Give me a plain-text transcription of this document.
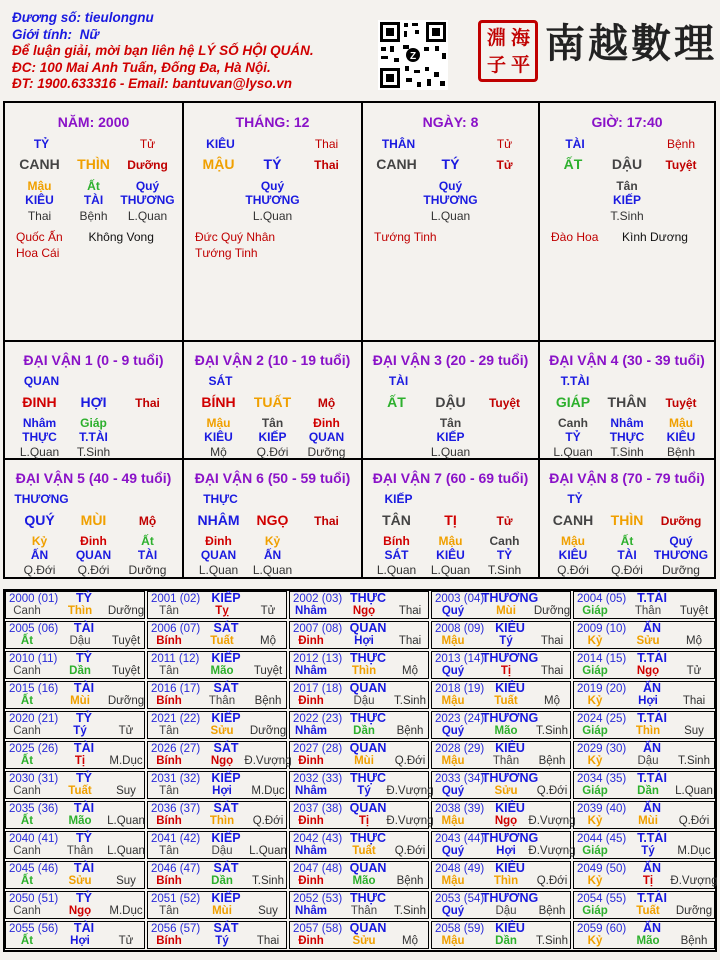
Đương số: tieulongnu
Giới tính: Nữ
Để luận giải, mời bạn liên hệ LÝ SỐ HỘI QUÁN.
ĐC: 100 Mai Anh Tuấn, Đống Đa, Hà Nội.
ĐT: 1900.633316 - Email: bantuvan@lyso.vn
Z
淵 海
子 平 南越數理
NĂM: 2000
TỶ	Tử
CANH THÌN Dưỡng
Mậu
KIÊU
Thai
Ất
TÀI
Bệnh
Quý
THƯƠNG
L.Quan
Quốc Ấn
Hoa Cái
Không Vong
THÁNG: 12
KIÊU	Thai
MẬU TÝ	Thai
Quý
THƯƠNG
L.Quan
Đức Quý Nhân
Tướng Tinh
NGÀY: 8
THÂN	Tử
CANH TÝ	Tử
Quý
THƯƠNG
L.Quan
Tướng Tinh
GIỜ: 17:40
TÀI	Bệnh
ẤT DẬU Tuyệt
Tân
KIẾP
T.Sinh
Đào Hoa Kình Dương
ĐẠI VẬN 1 (0 - 9 tuổi)
QUAN
ĐINH HỢI Thai
Nhâm
THỰC
L.Quan
Giáp
T.TÀI
T.Sinh
ĐẠI VẬN 2 (10 - 19 tuổi)
SÁT
BÍNH TUẤT Mộ
Mậu
KIÊU
Mộ
Tân
KIẾP
Q.Đới
Đinh
QUAN
Dưỡng
ĐẠI VẬN 3 (20 - 29 tuổi)
TÀI
ẤT DẬU Tuyệt
Tân
KIẾP
L.Quan
ĐẠI VẬN 4 (30 - 39 tuổi)
T.TÀI
GIÁP THÂN Tuyệt
Canh
TỶ
L.Quan
Nhâm
THỰC
T.Sinh
Mậu
KIÊU
Bệnh
ĐẠI VẬN 5 (40 - 49 tuổi)
THƯƠNG
QUÝ MÙI	Mộ
Kỷ
ẤN
Q.Đới
Đinh
QUAN
Q.Đới
Ất
TÀI
Dưỡng
ĐẠI VẬN 6 (50 - 59 tuổi)
THỰC
NHÂM NGỌ Thai
Đinh
QUAN
L.Quan
Kỷ
ẤN
L.Quan
ĐẠI VẬN 7 (60 - 69 tuổi)
KIẾP
TÂN TỊ	Tử
Bính
SÁT
L.Quan
Mậu
KIÊU
L.Quan
Canh
TỶ
T.Sinh
ĐẠI VẬN 8 (70 - 79 tuổi)
TỶ
CANH THÌN Dưỡng
Mậu
KIÊU
Q.Đới
Ất
TÀI
Q.Đới
Quý
THƯƠNG
Dưỡng
2000 (01) TỶ
Canh Thìn Dưỡng
2001 (02) KIẾP
Tân	Tỵ	Tử
2002 (03) THỰC
Nhâm Ngọ Thai
2003 (04)
THƯƠNG
Quý	Mùi Dưỡng
2004 (05) T.TÀI
Giáp Thân Tuyệt
2005 (06) TÀI
Ất	Dậu Tuyệt
2006 (07) SÁT
Bính Tuất Mộ
2007 (08) QUAN
Đinh	Hợi Thai
2008 (09) KIÊU
Mậu	Tý Thai
2009 (10) ẤN
Kỷ	Sửu Mộ
2010 (11) TỶ
Canh Dần Tuyệt
2011 (12) KIẾP
Tân	Mão Tuyệt
2012 (13) THỰC
Nhâm Thìn Mộ
2013 (14)
THƯƠNG
Quý	Tị	Thai
2014 (15) T.TÀI
Giáp	Ngọ Tử
2015 (16) TÀI
Ất	Mùi Dưỡng
2016 (17) SÁT
Bính Thân Bệnh
2017 (18) QUAN
Đinh	Dậu T.Sinh
2018 (19) KIÊU
Mậu	Tuất Mộ
2019 (20) ẤN
Kỷ	Hợi Thai
2020 (21) TỶ
Canh	Tý	Tử
2021 (22) KIẾP
Tân	Sửu Dưỡng
2022 (23) THỰC
Nhâm Dần Bệnh
2023 (24)
THƯƠNG
Quý	Mão T.Sinh
2024 (25) T.TÀI
Giáp Thìn Suy
2025 (26) TÀI
Ất	Tị M.Dục
2026 (27) SÁT
Bính	Ngọ Đ.Vượng
2027 (28) QUAN
Đinh	Mùi Q.Đới
2028 (29) KIÊU
Mậu Thân Bệnh
2029 (30) ẤN
Kỷ	Dậu T.Sinh
2030 (31) TỶ
Canh Tuất Suy
2031 (32) KIẾP
Tân	Hợi M.Dục
2032 (33) THỰC
Nhâm	Tý Đ.Vượng
2033 (34)
THƯƠNG
Quý	Sửu Q.Đới
2034 (35) T.TÀI
Giáp	Dần L.Quan
2035 (36) TÀI
Ất	Mão L.Quan
2036 (37) SÁT
Bính Thìn Q.Đới
2037 (38) QUAN
Đinh	Tị Đ.Vượng
2038 (39) KIÊU
Mậu	Ngọ Đ.Vượng
2039 (40) ẤN
Kỷ	Mùi Q.Đới
2040 (41) TỶ
Canh Thân L.Quan
2041 (42) KIẾP
Tân	Dậu L.Quan
2042 (43) THỰC
Nhâm Tuất Q.Đới
2043 (44)
THƯƠNG
Quý	Hợi Đ.Vượng
2044 (45) T.TÀI
Giáp	Tý M.Dục
2045 (46) TÀI
Ất	Sửu Suy
2046 (47) SÁT
Bính	Dần T.Sinh
2047 (48) QUAN
Đinh Mão Bệnh
2048 (49) KIÊU
Mậu	Thìn Q.Đới
2049 (50) ẤN
Kỷ	Tị Đ.Vượng
2050 (51) TỶ
Canh Ngọ M.Dục
2051 (52) KIẾP
Tân	Mùi Suy
2052 (53) THỰC
Nhâm Thân T.Sinh
2053 (54)
THƯƠNG
Quý	Dậu Bệnh
2054 (55) T.TÀI
Giáp Tuất Dưỡng
2055 (56) TÀI
Ất	Hợi	Tử
2056 (57) SÁT
Bính	Tý Thai
2057 (58) QUAN
Đinh Sửu Mộ
2058 (59) KIÊU
Mậu	Dần T.Sinh
2059 (60) ẤN
Kỷ	Mão Bệnh
